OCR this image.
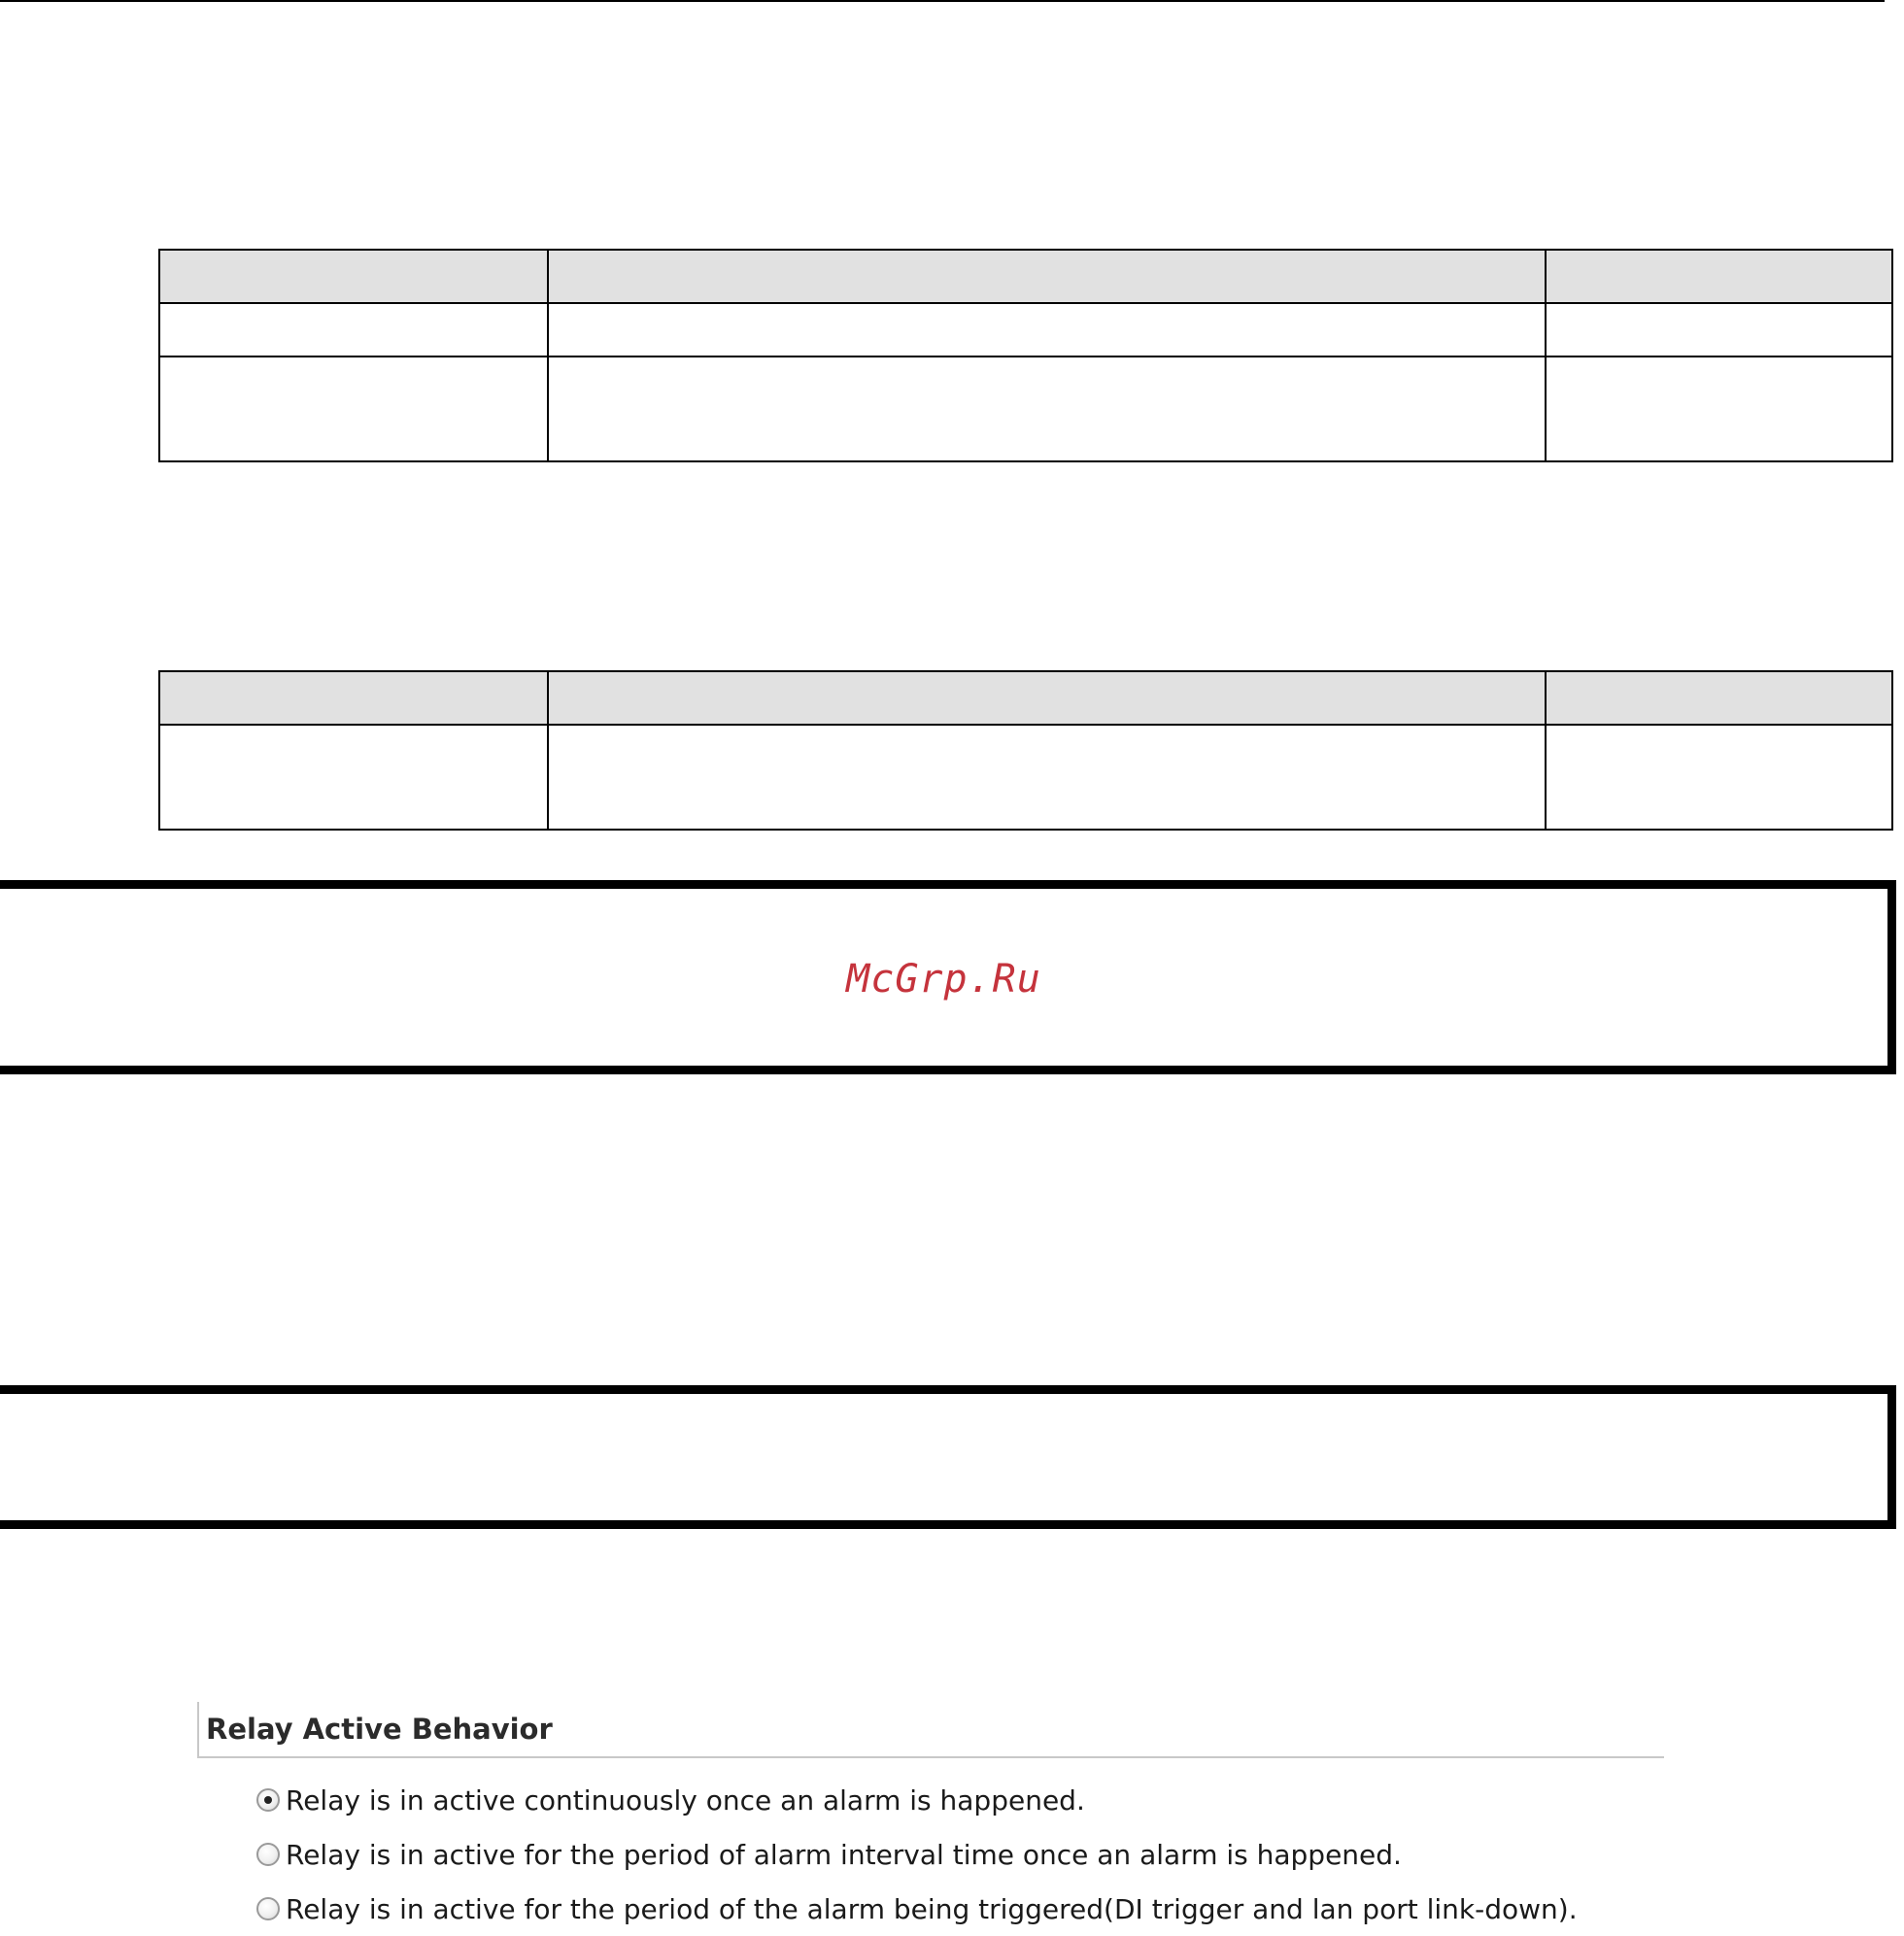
McGrp.Ru
Relay Active Behavior
Relay is in active continuously once an alarm is happened.
Relay is in active for the period of alarm interval time once an alarm is happened.
Relay is in active for the period of the alarm being triggered(DI trigger and lan port link-down).
